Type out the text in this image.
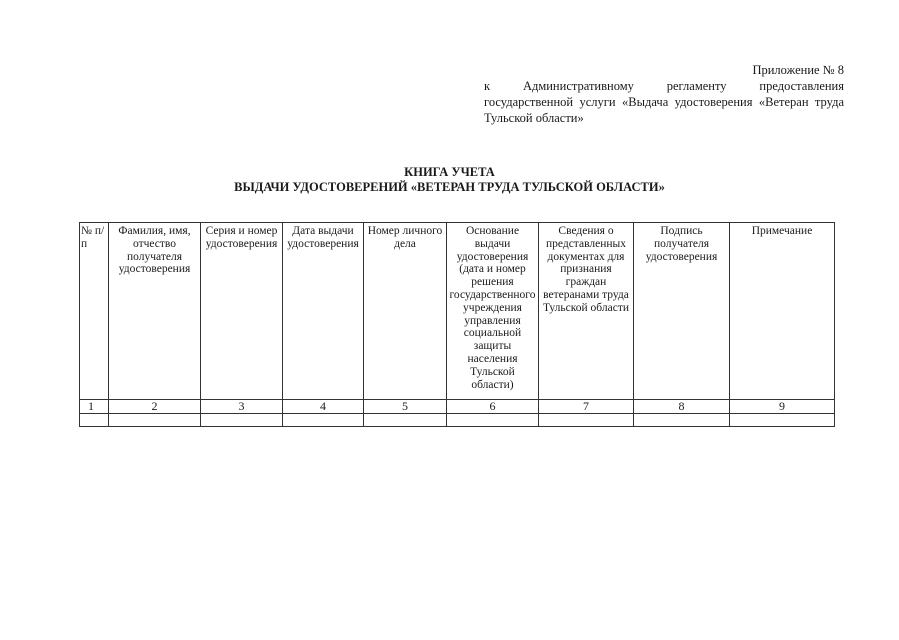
Приложение № 8
к Административному регламенту предоставления государственной услуги «Выдача удостоверения «Ветеран труда Тульской области»
КНИГА УЧЕТА
ВЫДАЧИ УДОСТОВЕРЕНИЙ «ВЕТЕРАН ТРУДА ТУЛЬСКОЙ ОБЛАСТИ»
№ п/п	Фамилия, имя, отчество получателя удостоверения	Серия и номер удостоверения	Дата выдачи удостоверения	Номер личного дела	Основание выдачи удостоверения (дата и номер решения государственного учреждения управления социальной защиты населения Тульской области)	Сведения о представленных документах для признания граждан ветеранами труда Тульской области	Подпись получателя удостоверения	Примечание
1	2	3	4	5	6	7	8	9
